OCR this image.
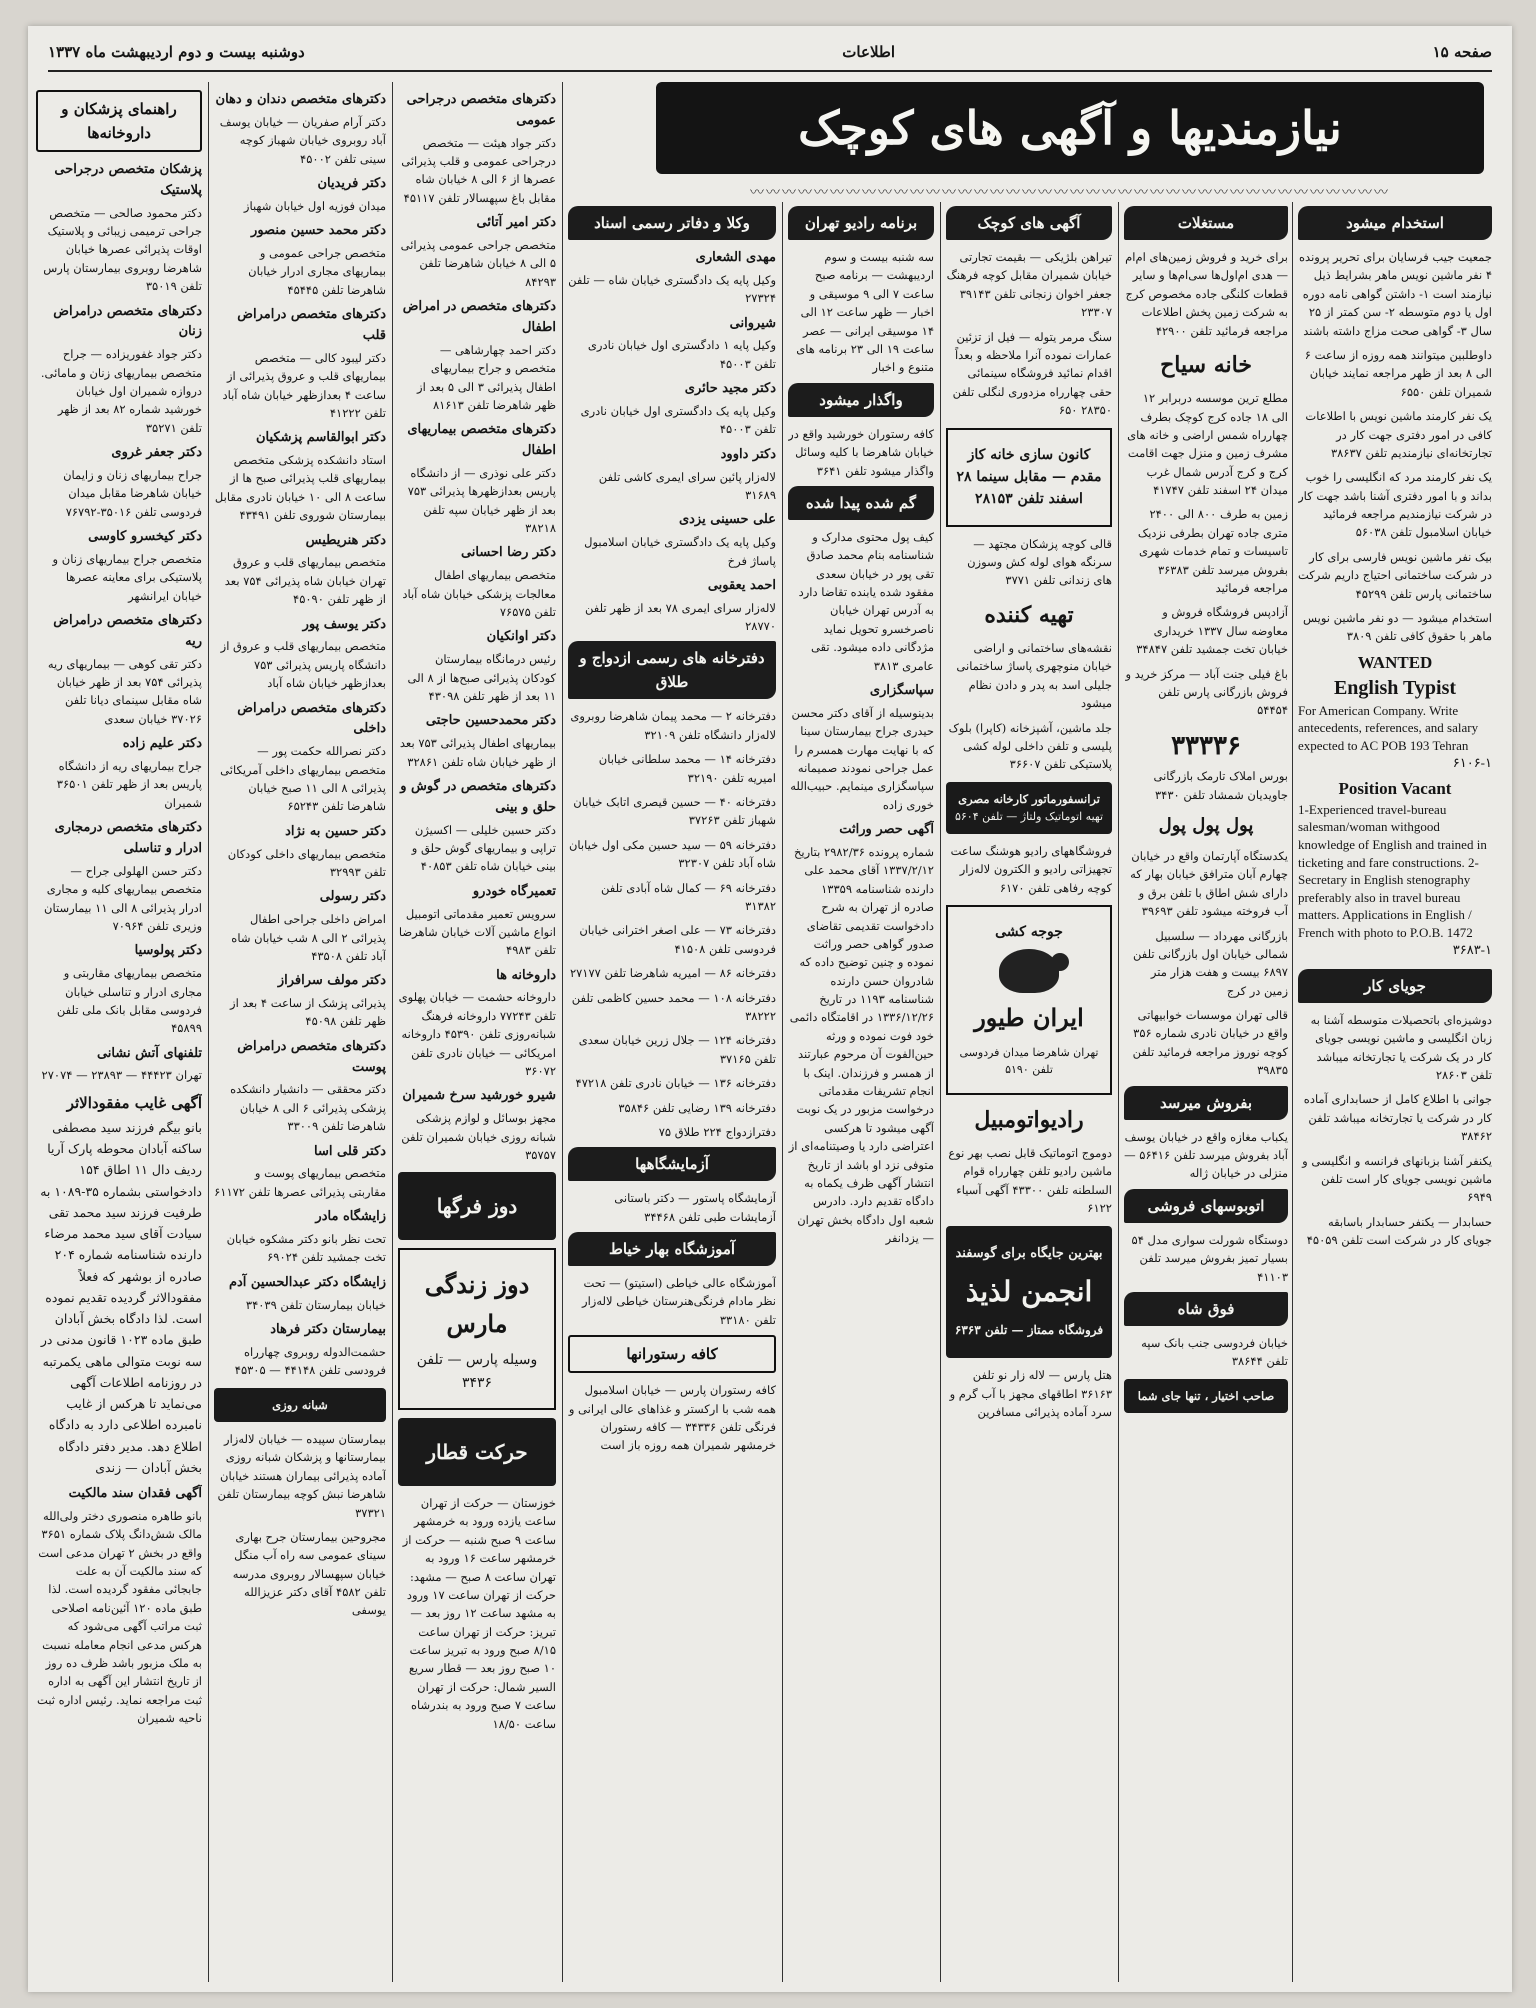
صفحه ۱۵
اطلاعات
دوشنبه بیست و دوم اردیبهشت ماه ۱۳۳۷
نیازمندیها و آگهی های کوچک
〰〰〰〰〰〰〰〰〰〰〰〰〰〰〰〰〰〰〰〰〰〰〰〰〰〰〰〰〰〰〰〰〰〰〰〰〰〰〰〰
استخدام میشود

جمعیت جیب فرسایان برای تحریر پرونده ۴ نفر ماشین نویس ماهر بشرایط ذیل نیازمند است ۱- داشتن گواهی نامه دوره اول یا دوم متوسطه ۲- سن کمتر از ۲۵ سال ۳- گواهی صحت مزاج داشته باشند

داوطلبین میتوانند همه روزه از ساعت ۶ الی ۸ بعد از ظهر مراجعه نمایند خیابان شمیران تلفن ۶۵۵۰

یک نفر کارمند ماشین نویس با اطلاعات کافی در امور دفتری جهت کار در تجارتخانه‌ای نیازمندیم تلفن ۳۸۶۳۷

یک نفر کارمند مرد که انگلیسی را خوب بداند و با امور دفتری آشنا باشد جهت کار در شرکت نیازمندیم مراجعه فرمائید خیابان اسلامبول تلفن ۵۶۰۳۸

بیک نفر ماشین نویس فارسی برای کار در شرکت ساختمانی احتیاج داریم شرکت ساختمانی پارس تلفن ۴۵۲۹۹

استخدام میشود — دو نفر ماشین نویس ماهر با حقوق کافی تلفن ۳۸۰۹

WANTED
English Typist
For American Company. Write antecedents, references, and salary expected to AC POB 193 Tehran
۶۱۰۶-۱
Position Vacant
1-Experienced travel-bureau salesman/woman withgood knowledge of English and trained in ticketing and fare constructions. 2-Secretary in English stenography preferably also in travel bureau matters. Applications in English / French with photo to P.O.B. 1472
۳۶۸۳-۱
جویای کار

دوشیزه‌ای باتحصیلات متوسطه آشنا به زبان انگلیسی و ماشین نویسی جویای کار در یک شرکت یا تجارتخانه میباشد تلفن ۲۸۶۰۳

جوانی با اطلاع کامل از حسابداری آماده کار در شرکت یا تجارتخانه میباشد تلفن ۳۸۴۶۲

یکنفر آشنا بزبانهای فرانسه و انگلیسی و ماشین نویسی جویای کار است تلفن ۶۹۴۹

حسابدار — یکنفر حسابدار باسابقه جویای کار در شرکت است تلفن ۴۵۰۵۹

مستغلات

برای خرید و فروش زمین‌های ام‌ام — هدی ام‌اول‌ها سی‌ام‌ها و سایر قطعات کلنگی جاده مخصوص کرج به شرکت زمین پخش اطلاعات مراجعه فرمائید تلفن ۴۲۹۰۰

خانه سیاح

مطلع ترین موسسه دربرابر ۱۲ الی ۱۸ جاده کرج کوچک بطرف چهارراه شمس اراضی و خانه های مشرف زمین و منزل جهت اقامت کرج و کرج آدرس شمال غرب میدان ۲۴ اسفند تلفن ۴۱۷۴۷

زمین به طرف ۸۰۰ الی ۲۴۰۰ متری جاده تهران بطرفی نزدیک تاسیسات و تمام خدمات شهری بفروش میرسد تلفن ۳۶۳۸۳ مراجعه فرمائید

آزادپس فروشگاه فروش و معاوضه سال ۱۳۳۷ خریداری خیابان تخت جمشید تلفن ۳۴۸۴۷

باغ فیلی جنت آباد — مرکز خرید و فروش بازرگانی پارس تلفن ۵۴۴۵۴

۳۳۳۳۶

بورس املاک تارمک بازرگانی جاویدیان شمشاد تلفن ۳۴۳۰

پول پول پول

یکدستگاه آپارتمان واقع در خیابان چهارم آبان مترافق خیابان بهار که دارای شش اطاق با تلفن برق و آب فروخته میشود تلفن ۳۹۶۹۳

بازرگانی مهرداد — سلسبیل شمالی خیابان اول بازرگانی تلفن ۶۸۹۷ بیست و هفت هزار متر زمین در کرج

قالی تهران موسسات خوابیهاتی واقع در خیابان نادری شماره ۳۵۶ کوچه نوروز مراجعه فرمائید تلفن ۳۹۸۳۵

بفروش میرسد

یکباب مغازه واقع در خیابان یوسف آباد بفروش میرسد تلفن ۵۶۴۱۶ — منزلی در خیابان ژاله

اتوبوسهای فروشی

دوستگاه شورلت سواری مدل ۵۴ بسیار تمیز بفروش میرسد تلفن ۴۱۱۰۳

فوق شاه

خیابان فردوسی جنب بانک سپه تلفن ۳۸۶۴۴

صاحب اختیار ، تنها جای شما
آگهی های کوچک

تیراهن بلژیکی — بقیمت تجارتی خیابان شمیران مقابل کوچه فرهنگ جعفر اخوان زنجانی تلفن ۳۹۱۴۳ ۲۳۳۰۷

سنگ مرمر یتوله — فیل از تزئین عمارات نموده آنرا ملاحظه و بعداً اقدام نمائید فروشگاه سینمائی حقی چهارراه مزدوری لنگلی تلفن ۲۸۳۵۰ ۶۵۰

کانون سازی خانه کاز مقدم — مقابل سینما ۲۸ اسفند تلفن ۲۸۱۵۳

قالی کوچه پزشکان مجتهد — سرنگه هوای لوله کش وسوزن های زندانی تلفن ۳۷۷۱

تهیه کننده

نقشه‌های ساختمانی و اراضی خیابان منوچهری پاساژ ساختمانی جلیلی اسد به پدر و دادن نظام میشود

جلد ماشین، آشپزخانه (کاپرا) بلوک پلیسی و تلفن داخلی لوله کشی پلاستیکی تلفن ۳۶۶۰۷

ترانسفورماتور کارخانه مصری
تهیه اتوماتیک ولتاژ — تلفن ۵۶۰۴

فروشگاههای رادیو هوشنگ ساعت تجهیزاتی رادیو و الکترون لاله‌زار کوچه رفاهی تلفن ۶۱۷۰

جوجه کشی
ایران طیور
تهران شاهرضا میدان فردوسی تلفن ۵۱۹۰
رادیواتومبیل

دوموج اتوماتیک قابل نصب بهر نوع ماشین رادیو تلفن چهارراه قوام السلطنه تلفن ۴۳۳۰۰ آگهی آسیاء ۶۱۲۲

بهترین جایگاه برای گوسفند
انجمن لذیذ
فروشگاه ممتاز — تلفن ۶۳۶۳

هتل پارس — لاله زار نو تلفن ۳۶۱۶۳ اطاقهای مجهز با آب گرم و سرد آماده پذیرائی مسافرین

برنامه رادیو تهران

سه شنبه بیست و سوم اردیبهشت — برنامه صبح ساعت ۷ الی ۹ موسیقی و اخبار — ظهر ساعت ۱۲ الی ۱۴ موسیقی ایرانی — عصر ساعت ۱۹ الی ۲۳ برنامه های متنوع و اخبار

واگذار میشود

کافه رستوران خورشید واقع در خیابان شاهرضا با کلیه وسائل واگذار میشود تلفن ۳۶۴۱

گم شده پیدا شده

کیف پول محتوی مدارک و شناسنامه بنام محمد صادق تقی پور در خیابان سعدی مفقود شده یابنده تقاضا دارد به آدرس تهران خیابان ناصرخسرو تحویل نماید مژدگانی داده میشود. تقی عامری ۳۸۱۳

سپاسگزاری

بدینوسیله از آقای دکتر محسن حیدری جراح بیمارستان سینا که با نهایت مهارت همسرم را عمل جراحی نمودند صمیمانه سپاسگزاری مینمایم. حبیب‌الله خوری زاده

آگهی حصر وراثت

شماره پرونده ۲۹۸۲/۳۶ بتاریخ ۱۳۳۷/۲/۱۲ آقای محمد علی دارنده شناسنامه ۱۳۳۵۹ صادره از تهران به شرح دادخواست تقدیمی تقاضای صدور گواهی حصر وراثت نموده و چنین توضیح داده که شادروان حسن دارنده شناسنامه ۱۱۹۳ در تاریخ ۱۳۳۶/۱۲/۲۶ در اقامتگاه دائمی خود فوت نموده و ورثه حین‌الفوت آن مرحوم عبارتند از همسر و فرزندان. اینک با انجام تشریفات مقدماتی درخواست مزبور در یک نوبت آگهی میشود تا هرکسی اعتراضی دارد یا وصیتنامه‌ای از متوفی نزد او باشد از تاریخ انتشار آگهی ظرف یکماه به دادگاه تقدیم دارد. دادرس شعبه اول دادگاه بخش تهران — یزدانفر

وکلا و دفاتر رسمی اسناد
مهدی الشعاری

وکیل پایه یک دادگستری خیابان شاه — تلفن ۲۷۳۲۴

شیروانی

وکیل پایه ۱ دادگستری اول خیابان نادری تلفن ۴۵۰۰۳

دکتر مجید حائری

وکیل پایه یک دادگستری اول خیابان نادری تلفن ۴۵۰۰۳

دکتر داوود

لاله‌زار پائین سرای ایمری کاشی تلفن ۳۱۶۸۹

علی حسینی یزدی

وکیل پایه یک دادگستری خیابان اسلامبول پاساژ فرخ

احمد یعقوبی

لاله‌زار سرای ایمری ۷۸ بعد از ظهر تلفن ۲۸۷۷۰

دفترخانه های رسمی ازدواج و طلاق

دفترخانه ۲ — محمد پیمان شاهرضا روبروی لاله‌زار دانشگاه تلفن ۳۲۱۰۹

دفترخانه ۱۴ — محمد سلطانی خیابان امیریه تلفن ۳۲۱۹۰

دفترخانه ۴۰ — حسین قیصری اتابک خیابان شهباز تلفن ۳۷۲۶۳

دفترخانه ۵۹ — سید حسین مکی اول خیابان شاه آباد تلفن ۳۲۳۰۷

دفترخانه ۶۹ — کمال شاه آبادی تلفن ۳۱۳۸۲

دفترخانه ۷۳ — علی اصغر اخترانی خیابان فردوسی تلفن ۴۱۵۰۸

دفترخانه ۸۶ — امیریه شاهرضا تلفن ۲۷۱۷۷

دفترخانه ۱۰۸ — محمد حسین کاظمی تلفن ۳۸۲۲۲

دفترخانه ۱۲۴ — جلال زرین خیابان سعدی تلفن ۳۷۱۶۵

دفترخانه ۱۳۶ — خیابان نادری تلفن ۴۷۲۱۸

دفترخانه ۱۳۹ رضایی تلفن ۳۵۸۴۶

دفترازدواج ۲۲۴ طلاق ۷۵

آزمایشگاهها

آزمایشگاه پاستور — دکتر باستانی آزمایشات طبی تلفن ۳۴۴۶۸

آموزشگاه بهار خیاط

آموزشگاه عالی خیاطی (استیتو) — تحت نظر مادام فرنگی‌هنرستان خیاطی لاله‌زار تلفن ۳۳۱۸۰

کافه رستورانها

کافه رستوران پارس‌ — خیابان اسلامبول همه شب با ارکستر و غذاهای عالی ایرانی و فرنگی تلفن ۳۴۳۳۶ — کافه رستوران خرمشهر شمیران همه روزه باز است

دکترهای متخصص درجراحی عمومی

دکتر جواد هیئت — متخصص درجراحی عمومی و قلب پذیرائی عصرها از ۶ الی ۸ خیابان شاه مقابل باغ سپهسالار تلفن ۴۵۱۱۷

دکتر امیر آتائی

متخصص جراحی عمومی پذیرائی ۵ الی ۸ خیابان شاهرضا تلفن ۸۴۲۹۳

دکترهای متخصص در امراض اطفال

دکتر احمد چهارشاهی — متخصص و جراح بیماریهای اطفال پذیرائی ۳ الی ۵ بعد از ظهر شاهرضا تلفن ۸۱۶۱۳

دکترهای متخصص بیماریهای اطفال

دکتر علی نوذری — از دانشگاه پاریس بعدازظهرها پذیرائی ۷۵۳ بعد از ظهر خیابان سپه تلفن ۳۸۲۱۸

دکتر رضا احسانی

متخصص بیماریهای اطفال معالجات پزشکی خیابان شاه آباد تلفن ۷۶۵۷۵

دکتر اوانکیان

رئیس درمانگاه بیمارستان کودکان پذیرائی صبح‌ها از ۸ الی ۱۱ بعد از ظهر تلفن ۴۳۰۹۸

دکتر محمدحسین حاجتی

بیماریهای اطفال پذیرائی ۷۵۳ بعد از ظهر خیابان شاه تلفن ۳۲۸۶۱

دکترهای متخصص در گوش و حلق و بینی

دکتر حسین خلیلی — اکسیژن تراپی و بیماریهای گوش حلق و بینی خیابان شاه تلفن ۴۰۸۵۳

تعمیرگاه خودرو

سرویس تعمیر مقدماتی اتومبیل انواع ماشین آلات خیابان شاهرضا تلفن ۴۹۸۳

داروخانه ها

داروخانه حشمت — خیابان پهلوی تلفن ۷۷۲۴۳ داروخانه فرهنگ شبانه‌روزی تلفن ۴۵۳۹۰ داروخانه امریکائی‌ — خیابان نادری تلفن ۳۶۰۷۲

شیرو خورشید سرخ شمیران

مجهز بوسائل و لوازم پزشکی شبانه روزی خیابان شمیران تلفن ۳۵۷۵۷

دوز فرگها
دوز زندگی مارس
وسیله پارس — تلفن ۳۴۳۶
حرکت قطار

خوزستان — حرکت از تهران ساعت یازده ورود به خرمشهر ساعت ۹ صبح شنبه — حرکت از خرمشهر ساعت ۱۶ ورود به تهران ساعت ۸ صبح — مشهد: حرکت از تهران ساعت ۱۷ ورود به مشهد ساعت ۱۲ روز بعد — تبریز: حرکت از تهران ساعت ۸/۱۵ صبح ورود به تبریز ساعت ۱۰ صبح روز بعد — قطار سریع السیر شمال: حرکت از تهران ساعت ۷ صبح ورود به بندرشاه ساعت ۱۸/۵۰

دکترهای متخصص دندان و دهان

دکتر آرام صفریان — خیابان یوسف آباد روبروی خیابان شهباز کوچه سینی تلفن ۴۵۰۰۲

دکتر فریدیان

میدان فوزیه اول خیابان شهباز

دکتر محمد حسین منصور

متخصص جراحی عمومی و بیماریهای مجاری ادرار خیابان شاهرضا تلفن ۴۵۴۴۵

دکترهای متخصص درامراض قلب

دکتر لیبود کالی — متخصص بیماریهای قلب و عروق پذیرائی از ساعت ۴ بعدازظهر خیابان شاه آباد تلفن ۴۱۲۲۲

دکتر ابوالقاسم پزشکیان

استاد دانشکده پزشکی متخصص بیماریهای قلب پذیرائی صبح ها از ساعت ۸ الی ۱۰ خیابان نادری مقابل بیمارستان شوروی تلفن ۴۳۴۹۱

دکتر هنریطیس

متخصص بیماریهای قلب و عروق تهران خیابان شاه پذیرائی ۷۵۴ بعد از ظهر تلفن ۴۵۰۹۰

دکتر یوسف پور

متخصص بیماریهای قلب و عروق از دانشگاه پاریس پذیرائی ۷۵۳ بعدازظهر خیابان شاه آباد

دکترهای متخصص درامراض داخلی

دکتر نصرالله حکمت پور — متخصص بیماریهای داخلی آمریکائی پذیرائی ۸ الی ۱۱ صبح خیابان شاهرضا تلفن ۶۵۲۴۳

دکتر حسین به نژاد

متخصص بیماریهای داخلی کودکان تلفن ۳۲۹۹۳

دکتر رسولی

امراض داخلی جراحی اطفال پذیرائی ۲ الی ۸ شب خیابان شاه آباد تلفن ۴۳۵۰۸

دکتر مولف سرافراز

پذیرائی پزشک از ساعت ۴ بعد از ظهر تلفن ۴۵۰۹۸

دکترهای متخصص درامراض پوست

دکتر محققی — دانشیار دانشکده پزشکی پذیرائی ۶ الی ۸ خیابان شاهرضا تلفن ۳۳۰۰۹

دکتر قلی اسا

متخصص بیماریهای پوست و مقاربتی پذیرائی عصرها تلفن ۶۱۱۷۲

زایشگاه مادر

تحت نظر بانو دکتر مشکوه خیابان تخت جمشید تلفن ۶۹۰۲۴

زایشگاه دکتر عبدالحسین آدم

خیابان بیمارستان تلفن ۳۴۰۳۹

بیمارستان دکتر فرهاد

حشمت‌الدوله روبروی چهارراه فرودسی تلفن ۴۴۱۴۸ — ۴۵۳۰۵

شبانه روزی

بیمارستان سپیده — خیابان لاله‌زار بیمارستانها و پزشکان شبانه روزی آماده پذیرائی بیماران هستند خیابان شاهرضا نبش کوچه بیمارستان تلفن ۳۷۳۲۱

مجروحین بیمارستان جرح بهاری سینای عمومی سه راه آب منگل خیابان سپهسالار روبروی مدرسه تلفن ۴۵۸۲ آقای دکتر عزیزالله یوسفی

راهنمای پزشکان و داروخانه‌ها
پزشکان متخصص درجراحی پلاستیک

دکتر محمود صالحی — متخصص جراحی ترمیمی زیبائی و پلاستیک اوقات پذیرائی عصرها خیابان شاهرضا روبروی بیمارستان پارس تلفن ۳۵۰۱۹

دکترهای متخصص درامراض زنان

دکتر جواد غفوریزاده — جراح متخصص بیماریهای زنان و مامائی. دروازه شمیران اول خیابان خورشید شماره ۸۲ بعد از ظهر تلفن ۳۵۲۷۱

دکتر جعفر غروی

جراح بیماریهای زنان و زایمان خیابان شاهرضا مقابل میدان فردوسی تلفن ۳۵۰۱۶-۷۶۷۹۲

دکتر کیخسرو کاوسی

متخصص جراح بیماریهای زنان و پلاستیکی برای معاینه عصرها خیابان ایرانشهر

دکترهای متخصص درامراض ریه

دکتر تقی کوهی — بیماریهای ریه پذیرائی ۷۵۴ بعد از ظهر خیابان شاه مقابل سینمای دیانا تلفن ۳۷۰۲۶ خیابان سعدی

دکتر علیم زاده

جراح بیماریهای ریه از دانشگاه پاریس بعد از ظهر تلفن ۳۶۵۰۱ شمیران

دکترهای متخصص درمجاری ادرار و تناسلی

دکتر حسن الهلولی جراح — متخصص بیماریهای کلیه و مجاری ادرار پذیرائی ۸ الی ۱۱ بیمارستان وزیری تلفن ۷۰۹۶۴

دکتر پولوسیا

متخصص بیماریهای مقاربتی و مجاری ادرار و تناسلی خیابان فردوسی مقابل بانک ملی تلفن ۴۵۸۹۹

تلفنهای آتش نشانی

تهران ۴۴۴۲۳ — ۲۳۸۹۳ — ۲۷۰۷۴

آگهی غایب مفقودالاثر

بانو بیگم فرزند سید مصطفی ساکنه آبادان محوطه پارک آریا ردیف دال ۱۱ اطاق ۱۵۴ دادخواستی بشماره ۳۵-۱۰۸۹ به طرفیت فرزند سید محمد تقی سیادت آقای سید محمد مرضاء دارنده شناسنامه شماره ۲۰۴ صادره از بوشهر که فعلاً مفقودالاثر گردیده تقدیم نموده است. لذا دادگاه بخش آبادان طبق ماده ۱۰۲۳ قانون مدنی در سه نوبت متوالی ماهی یکمرتبه در روزنامه اطلاعات آگهی می‌نماید تا هرکس از غایب نامبرده اطلاعی دارد به دادگاه اطلاع دهد. مدیر دفتر دادگاه بخش آبادان — زندی

آگهی فقدان سند مالکیت

بانو طاهره منصوری دختر ولی‌الله مالک شش‌دانگ پلاک شماره ۳۶۵۱ واقع در بخش ۲ تهران مدعی است که سند مالکیت آن به علت جابجائی مفقود گردیده است. لذا طبق ماده ۱۲۰ آئین‌نامه اصلاحی ثبت مراتب آگهی می‌شود که هرکس مدعی انجام معامله نسبت به ملک مزبور باشد ظرف ده روز از تاریخ انتشار این آگهی به اداره ثبت مراجعه نماید. رئیس اداره ثبت ناحیه شمیران
